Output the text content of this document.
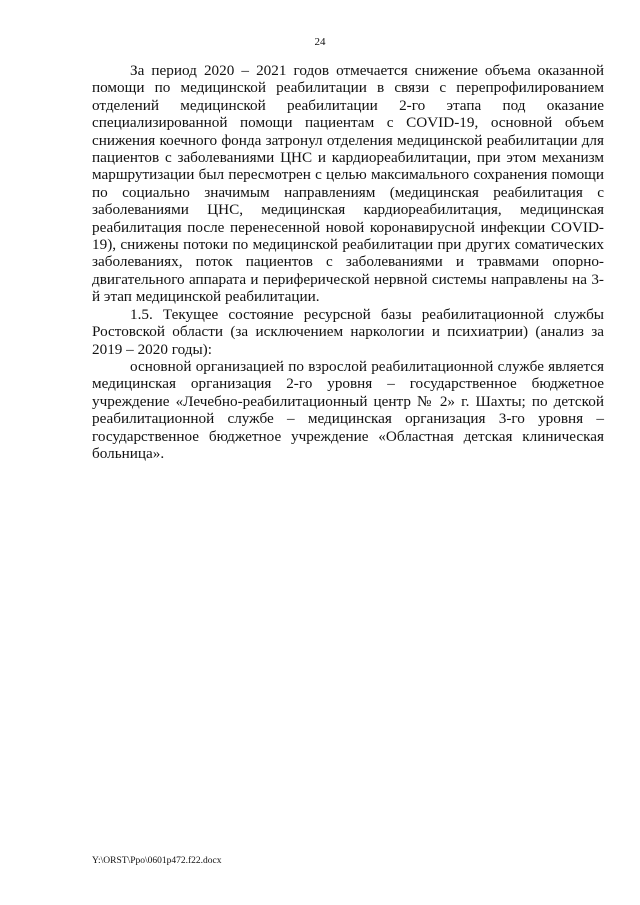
24

За период 2020 – 2021 годов отмечается снижение объема оказанной помощи по медицинской реабилитации в связи с перепрофилированием отделений медицинской реабилитации 2-го этапа под оказание специализированной помощи пациентам с COVID-19, основной объем снижения коечного фонда затронул отделения медицинской реабилитации для пациентов с заболеваниями ЦНС и кардиореабилитации, при этом механизм маршрутизации был пересмотрен с целью максимального сохранения помощи по социально значимым направлениям (медицинская реабилитация с заболеваниями ЦНС, медицинская кардиореабилитация, медицинская реабилитация после перенесенной новой коронавирусной инфекции COVID-19), снижены потоки по медицинской реабилитации при других соматических заболеваниях, поток пациентов с заболеваниями и травмами опорно-двигательного аппарата и периферической нервной системы направлены на 3-й этап медицинской реабилитации.

1.5. Текущее состояние ресурсной базы реабилитационной службы Ростовской области (за исключением наркологии и психиатрии) (анализ за 2019 – 2020 годы):

основной организацией по взрослой реабилитационной службе является медицинская организация 2-го уровня – государственное бюджетное учреждение «Лечебно-реабилитационный центр № 2» г. Шахты; по детской реабилитационной службе – медицинская организация 3-го уровня – государственное бюджетное учреждение «Областная детская клиническая больница».

Y:\ORST\Ppo\0601p472.f22.docx
